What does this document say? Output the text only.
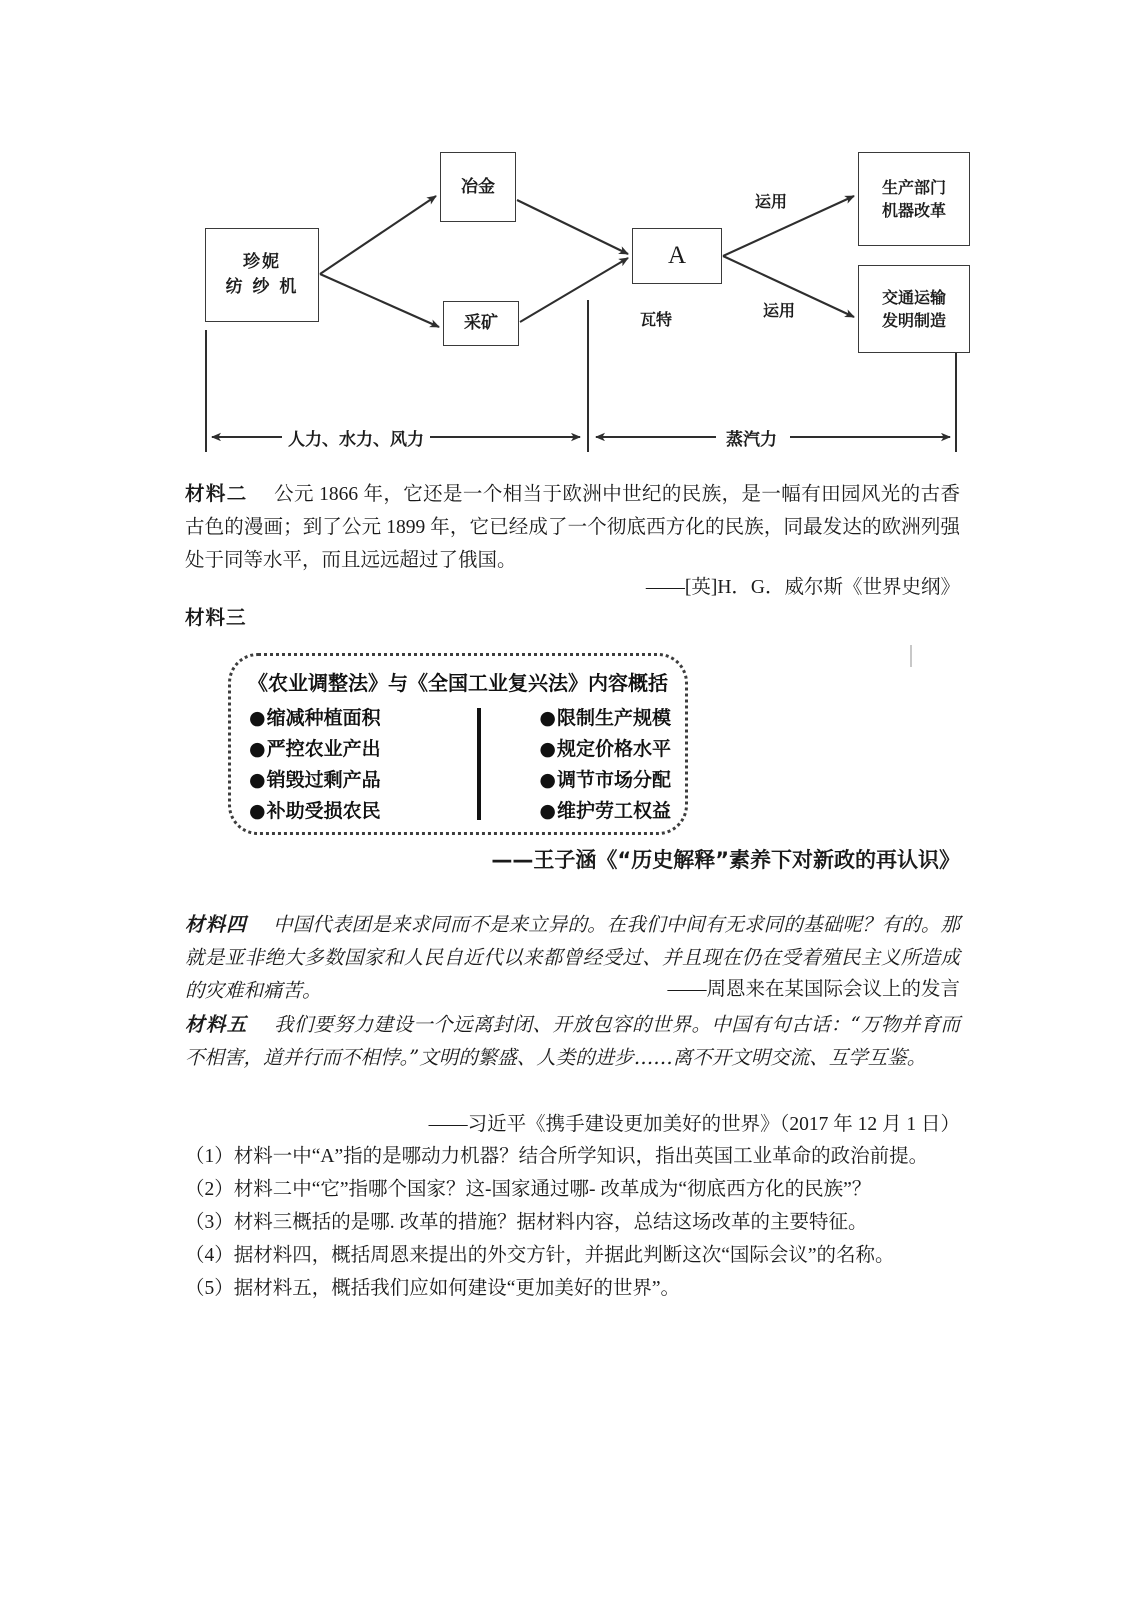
珍妮
纺 纱 机
冶金
采矿
A
生产部门
机器改革
交通运输
发明制造
瓦特
运用
运用
人力、水力、风力	蒸汽力
材料二 公元 1866 年，它还是一个相当于欧洲中世纪的民族，是一幅有田园风光的古香古色的漫画；到了公元 1899 年，它已经成了一个彻底西方化的民族，同最发达的欧洲列强处于同等水平，而且远远超过了俄国。
——[英]H．G．威尔斯《世界史纲》
材料三
《农业调整法》与《全国工业复兴法》内容概括
●缩减种植面积
●严控农业产出
●销毁过剩产品
●补助受损农民
●限制生产规模
●规定价格水平
●调节市场分配
●维护劳工权益
——王子涵《“历史解释”素养下对新政的再认识》
材料四 中国代表团是来求同而不是来立异的。在我们中间有无求同的基础呢？有的。那就是亚非绝大多数国家和人民自近代以来都曾经受过、并且现在仍在受着殖民主义所造成的灾难和痛苦。	——周恩来在某国际会议上的发言
材料五 我们要努力建设一个远离封闭、开放包容的世界。中国有句古话：“万物并育而不相害，道并行而不相悖。”文明的繁盛、人类的进步……离不开文明交流、互学互鉴。
——习近平《携手建设更加美好的世界》（2017 年 12 月 1 日）
（1）材料一中“A”指的是哪动力机器？结合所学知识，指出英国工业革命的政治前提。
（2）材料二中“它”指哪个国家？这-国家通过哪- 改革成为“彻底西方化的民族”？
（3）材料三概括的是哪. 改革的措施？据材料内容，总结这场改革的主要特征。
（4）据材料四，概括周恩来提出的外交方针，并据此判断这次“国际会议”的名称。
（5）据材料五，概括我们应如何建设“更加美好的世界”。
